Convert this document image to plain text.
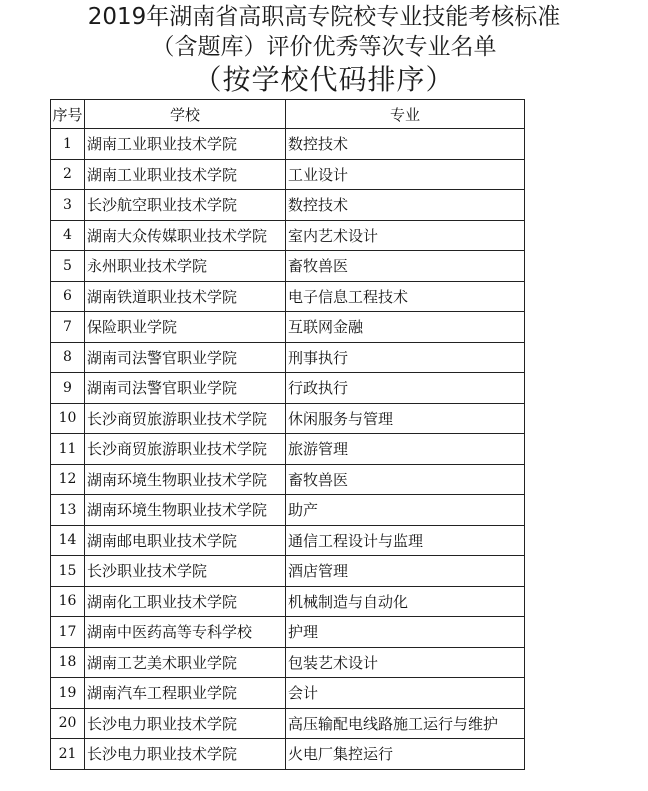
2019年湖南省高职高专院校专业技能考核标准
（含题库）评价优秀等次专业名单
（按学校代码排序）
序号	学校	专业
1	湖南工业职业技术学院	数控技术
2	湖南工业职业技术学院	工业设计
3	长沙航空职业技术学院	数控技术
4	湖南大众传媒职业技术学院	室内艺术设计
5	永州职业技术学院	畜牧兽医
6	湖南铁道职业技术学院	电子信息工程技术
7	保险职业学院	互联网金融
8	湖南司法警官职业学院	刑事执行
9	湖南司法警官职业学院	行政执行
10	长沙商贸旅游职业技术学院	休闲服务与管理
11	长沙商贸旅游职业技术学院	旅游管理
12	湖南环境生物职业技术学院	畜牧兽医
13	湖南环境生物职业技术学院	助产
14	湖南邮电职业技术学院	通信工程设计与监理
15	长沙职业技术学院	酒店管理
16	湖南化工职业技术学院	机械制造与自动化
17	湖南中医药高等专科学校	护理
18	湖南工艺美术职业学院	包装艺术设计
19	湖南汽车工程职业学院	会计
20	长沙电力职业技术学院	高压输配电线路施工运行与维护
21	长沙电力职业技术学院	火电厂集控运行
